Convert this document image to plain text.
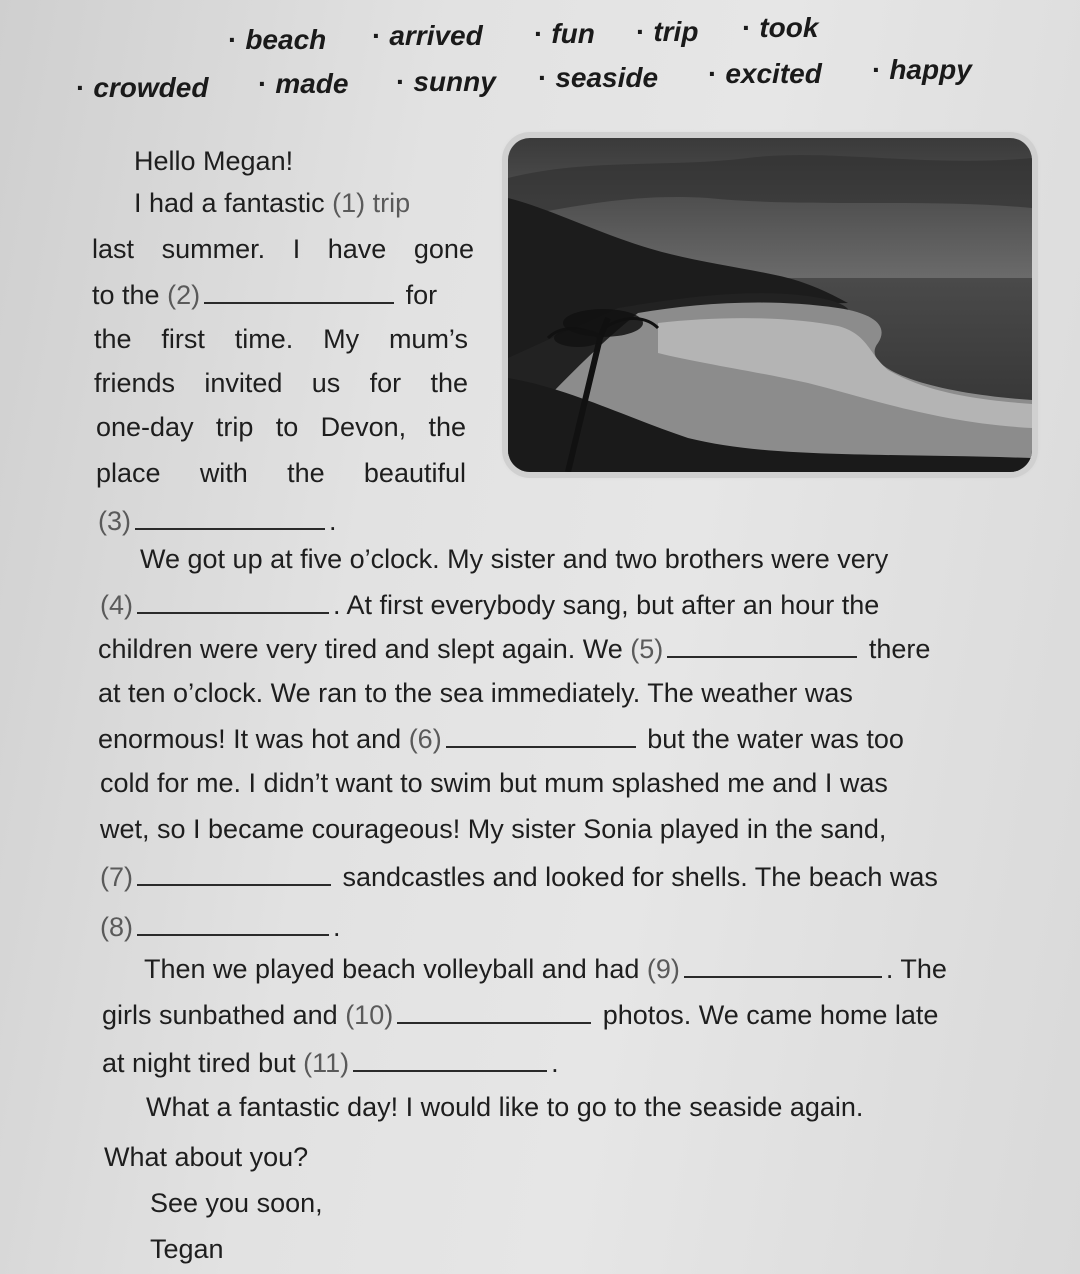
· beach · arrived · fun · trip · took
· crowded · made · sunny · seaside · excited · happy
Hello Megan!
I had a fantastic (1) trip
last summer. I have gone
to the (2)	for
the first time. My mum’s
friends invited us for the
one-day trip to Devon, the
place with the beautiful
(3)	.
We got up at five o’clock. My sister and two brothers were very
(4)	. At first everybody sang, but after an hour the
children were very tired and slept again. We (5)	there
at ten o’clock. We ran to the sea immediately. The weather was
enormous! It was hot and (6)	but the water was too
cold for me. I didn’t want to swim but mum splashed me and I was
wet, so I became courageous! My sister Sonia played in the sand,
(7)	sandcastles and looked for shells. The beach was
(8)	.
Then we played beach volleyball and had (9)	. The
girls sunbathed and (10)	photos. We came home late
at night tired but (11)	.
What a fantastic day! I would like to go to the seaside again.
What about you?
See you soon,
Tegan
